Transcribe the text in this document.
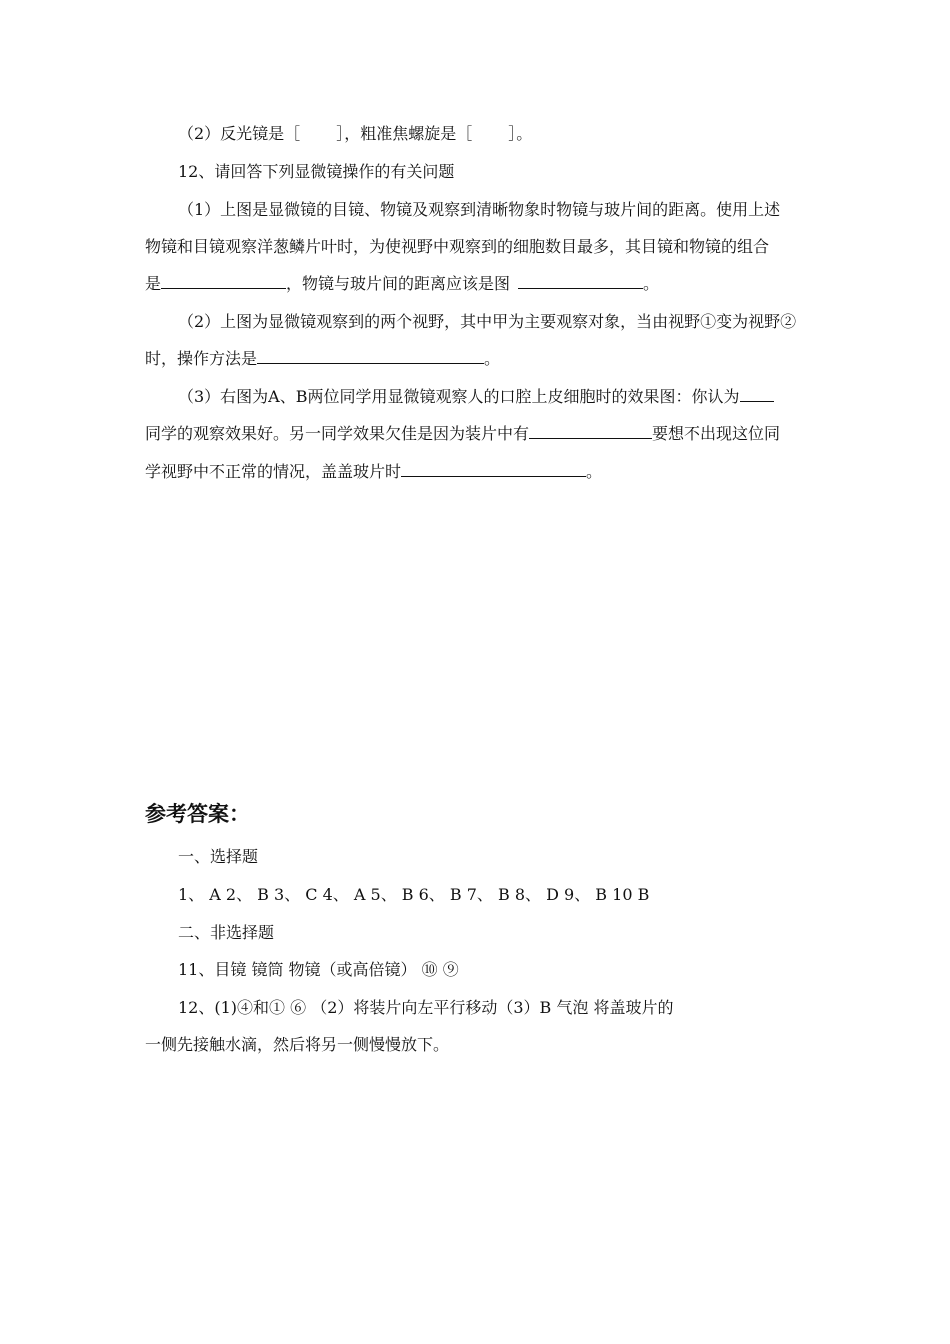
（2）反光镜是［ ］，粗准焦螺旋是［ ］。
12、请回答下列显微镜操作的有关问题
（1）上图是显微镜的目镜、物镜及观察到清晰物象时物镜与玻片间的距离。使用上述
物镜和目镜观察洋葱鳞片叶时，为使视野中观察到的细胞数目最多，其目镜和物镜的组合
是	，物镜与玻片间的距离应该是图	。
（2）上图为显微镜观察到的两个视野，其中甲为主要观察对象，当由视野①变为视野②
时，操作方法是	。
（3）右图为A、B两位同学用显微镜观察人的口腔上皮细胞时的效果图：你认为
同学的观察效果好。另一同学效果欠佳是因为装片中有	要想不出现这位同
学视野中不正常的情况，盖盖玻片时	。
参考答案：
一、选择题
1、 A 2、 B 3、 C 4、 A 5、 B 6、 B 7、 B 8、 D 9、 B 10 B
二、非选择题
11、目镜 镜筒 物镜（或高倍镜） ⑩ ⑨
12、(1)④和① ⑥ （2）将装片向左平行移动（3）B 气泡 将盖玻片的
一侧先接触水滴，然后将另一侧慢慢放下。
